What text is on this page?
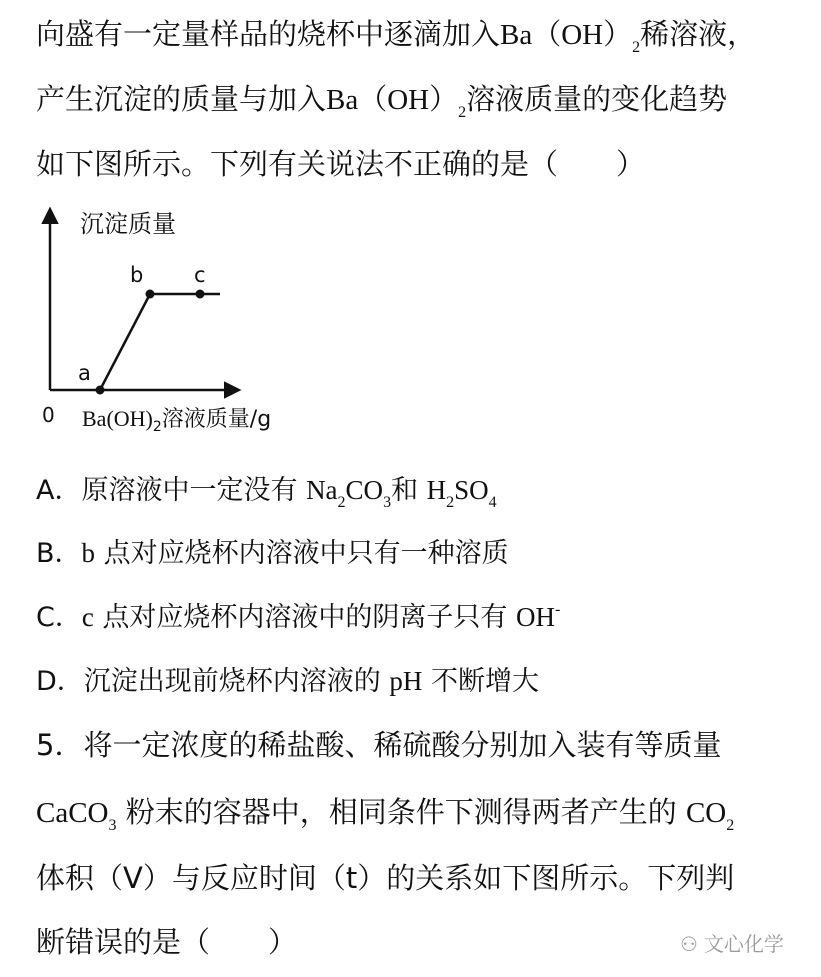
向盛有一定量样品的烧杯中逐滴加入$Ba(OH)_2$稀溶液，
产生沉淀的质量与加入$Ba(OH)_2$溶液质量的变化趋势
如下图所示。下列有关说法不正确的是（　　）
沉淀质量
0 $Ba(OH)_2$溶液质量/g
a
b c
A．原溶液中一定没有 $Na_2CO_3$和 $H_2SO_4$
B．b 点对应烧杯内溶液中只有一种溶质
C．c 点对应烧杯内溶液中的阴离子只有 OH-
D．沉淀出现前烧杯内溶液的 pH 不断增大
5．将一定浓度的稀盐酸、稀硫酸分别加入装有等质量
CaCO$_3$ 粉末的容器中，相同条件下测得两者产生的 $CO_2$
体积（V）与反应时间（t）的关系如下图所示。下列判
断错误的是（　　）	⚇ 文心化学
